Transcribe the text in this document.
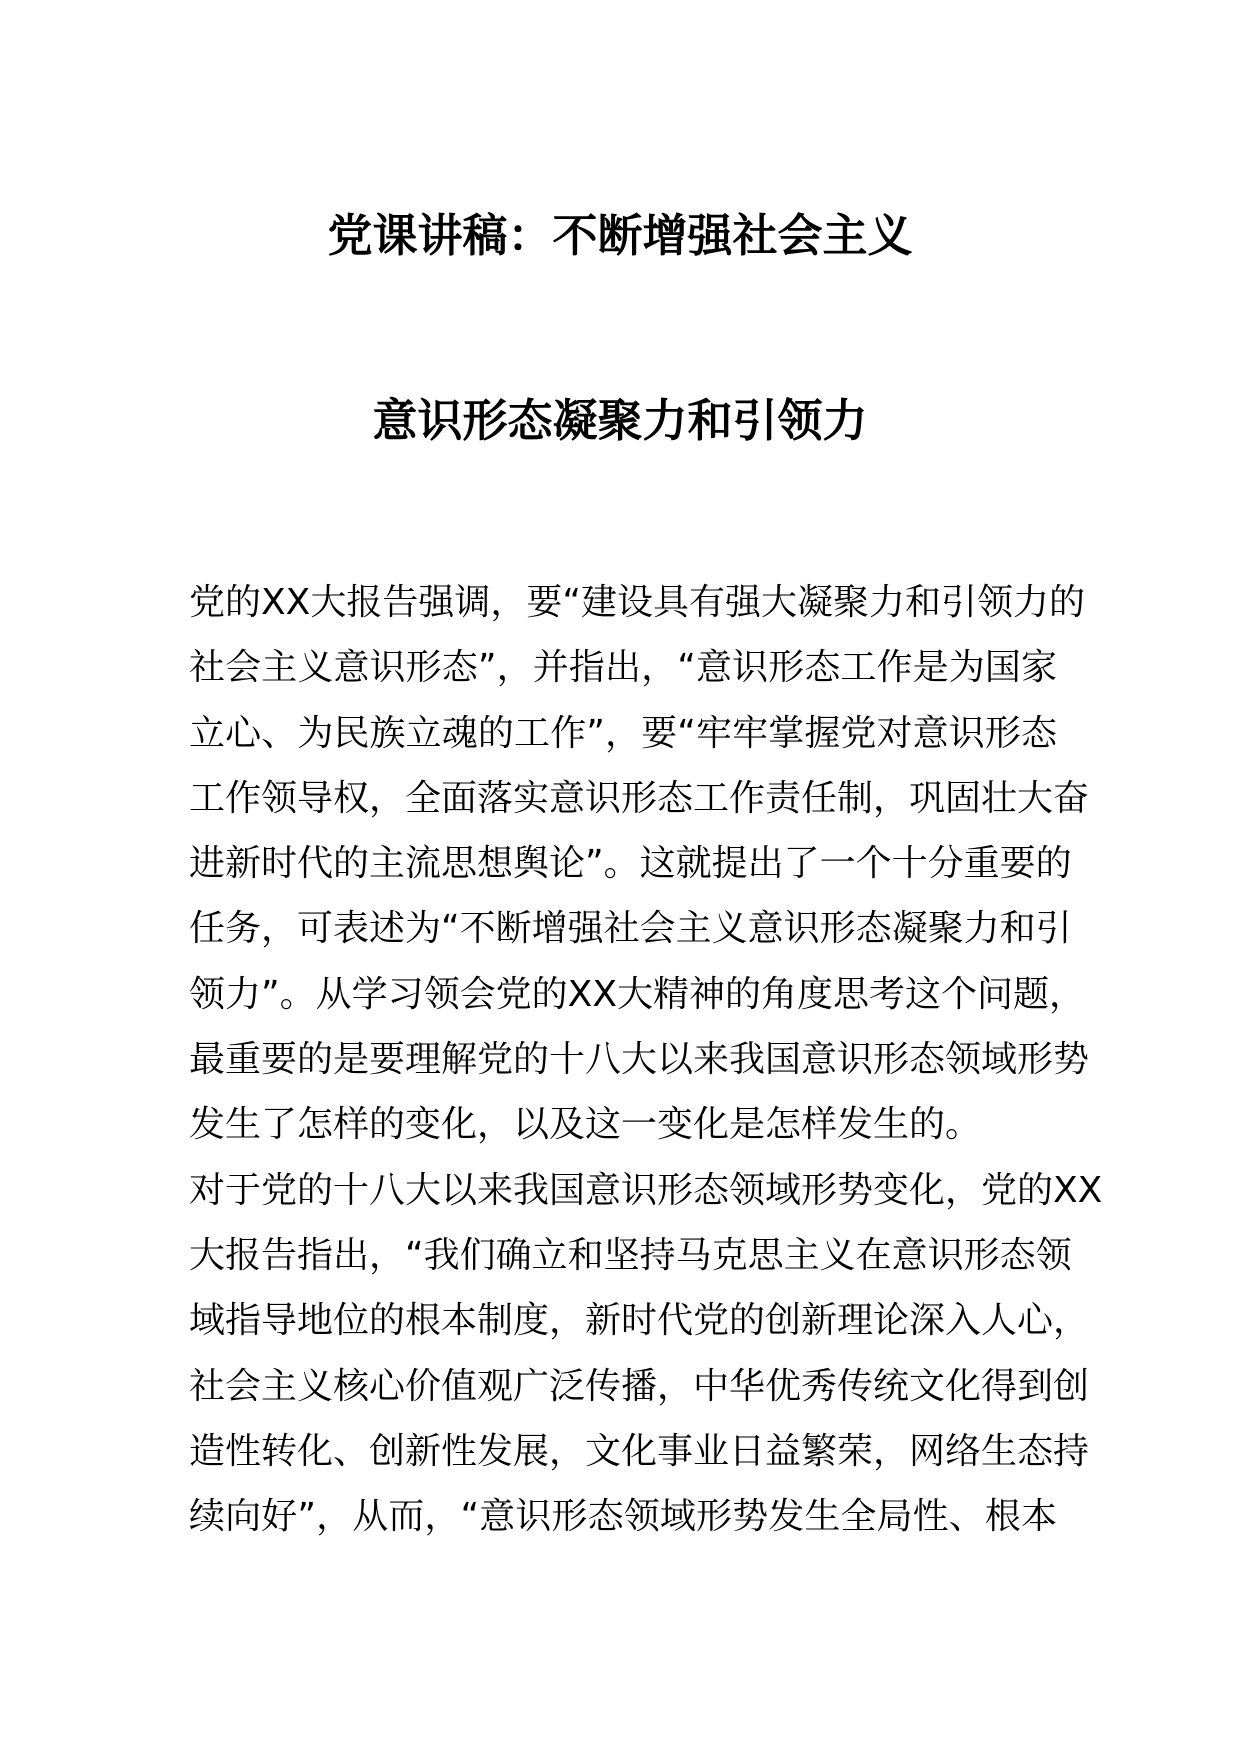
党课讲稿：不断增强社会主义
意识形态凝聚力和引领力
党的XX大报告强调，要“建设具有强大凝聚力和引领力的
社会主义意识形态”，并指出，“意识形态工作是为国家
立心、为民族立魂的工作”，要“牢牢掌握党对意识形态
工作领导权，全面落实意识形态工作责任制，巩固壮大奋
进新时代的主流思想舆论”。这就提出了一个十分重要的
任务，可表述为“不断增强社会主义意识形态凝聚力和引
领力”。从学习领会党的XX大精神的角度思考这个问题，
最重要的是要理解党的十八大以来我国意识形态领域形势
发生了怎样的变化，以及这一变化是怎样发生的。
对于党的十八大以来我国意识形态领域形势变化，党的XX
大报告指出，“我们确立和坚持马克思主义在意识形态领
域指导地位的根本制度，新时代党的创新理论深入人心，
社会主义核心价值观广泛传播，中华优秀传统文化得到创
造性转化、创新性发展，文化事业日益繁荣，网络生态持
续向好”，从而，“意识形态领域形势发生全局性、根本
